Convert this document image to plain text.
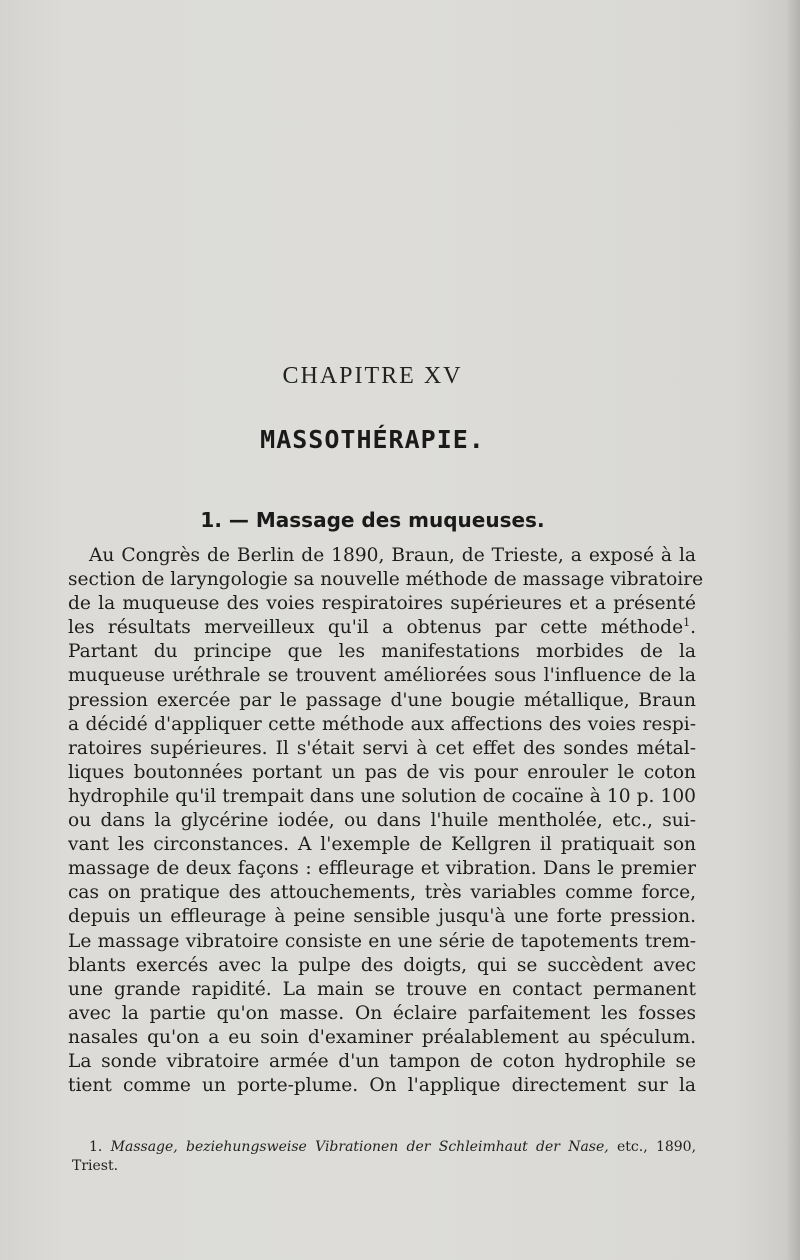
CHAPITRE XV
MASSOTHÉRAPIE.
1. — Massage des muqueuses.
Au Congrès de Berlin de 1890, Braun, de Trieste, a exposé à la
section de laryngologie sa nouvelle méthode de massage vibratoire
de la muqueuse des voies respiratoires supérieures et a présenté
les résultats merveilleux qu'il a obtenus par cette méthode$^1$.
Partant du principe que les manifestations morbides de la
muqueuse uréthrale se trouvent améliorées sous l'influence de la
pression exercée par le passage d'une bougie métallique, Braun
a décidé d'appliquer cette méthode aux affections des voies respi-
ratoires supérieures. Il s'était servi à cet effet des sondes métal-
liques boutonnées portant un pas de vis pour enrouler le coton
hydrophile qu'il trempait dans une solution de cocaïne à 10 p. 100
ou dans la glycérine iodée, ou dans l'huile mentholée, etc., sui-
vant les circonstances. A l'exemple de Kellgren il pratiquait son
massage de deux façons : effleurage et vibration. Dans le premier
cas on pratique des attouchements, très variables comme force,
depuis un effleurage à peine sensible jusqu'à une forte pression.
Le massage vibratoire consiste en une série de tapotements trem-
blants exercés avec la pulpe des doigts, qui se succèdent avec
une grande rapidité. La main se trouve en contact permanent
avec la partie qu'on masse. On éclaire parfaitement les fosses
nasales qu'on a eu soin d'examiner préalablement au spéculum.
La sonde vibratoire armée d'un tampon de coton hydrophile se
tient comme un porte-plume. On l'applique directement sur la
1. Massage, beziehungsweise Vibrationen der Schleimhaut der Nase, etc., 1890,
Triest.
